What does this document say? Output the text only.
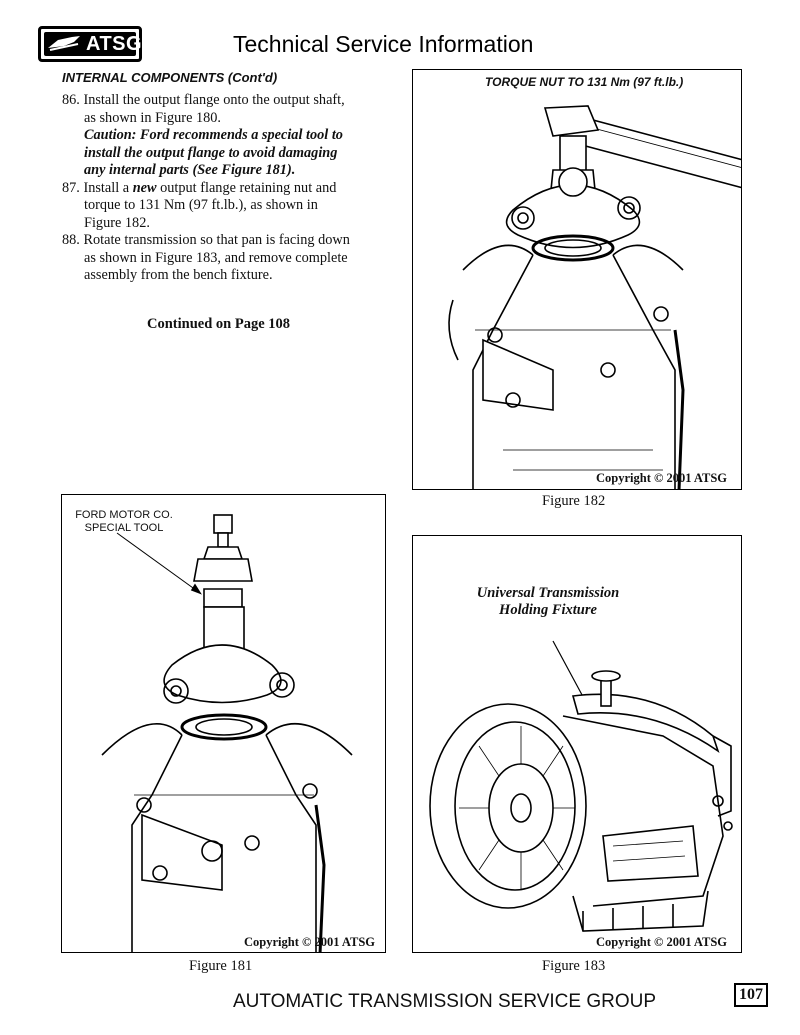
ATSG	Technical Service Information
INTERNAL COMPONENTS (Cont'd)
86. Install the output flange onto the output shaft,
as shown in Figure 180.
Caution: Ford recommends a special tool to
install the output flange to avoid damaging
any internal parts (See Figure 181).
87. Install a new output flange retaining nut and
torque to 131 Nm (97 ft.lb.), as shown in
Figure 182.
88. Rotate transmission so that pan is facing down
as shown in Figure 183, and remove complete
assembly from the bench fixture.
Continued on Page 108
TORQUE NUT TO 131 Nm (97 ft.lb.)
Copyright © 2001 ATSG
Figure 182
FORD MOTOR CO.
SPECIAL TOOL
Copyright © 2001 ATSG
Figure 181
Universal Transmission
Holding Fixture
Copyright © 2001 ATSG
Figure 183
AUTOMATIC TRANSMISSION SERVICE GROUP	107
